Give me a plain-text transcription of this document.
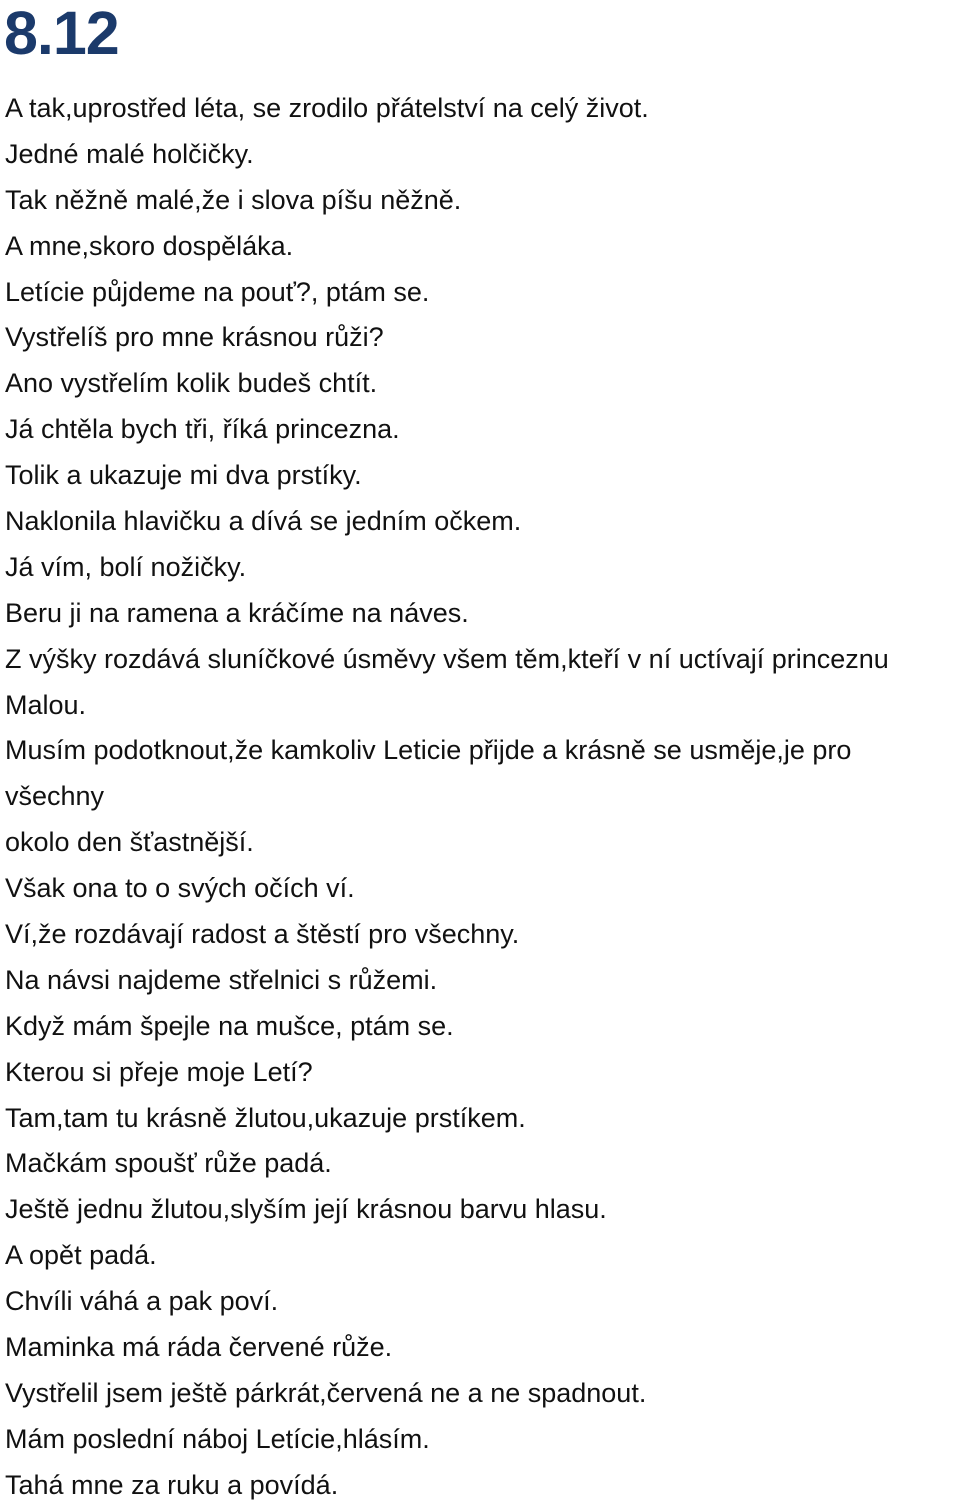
8.12
A tak,uprostřed léta, se zrodilo přátelství na celý život.
Jedné malé holčičky.
Tak něžně malé,že i slova píšu něžně.
A mne,skoro dospěláka.
Letície půjdeme na pouť?, ptám se.
Vystřelíš pro mne krásnou růži?
Ano vystřelím kolik budeš chtít.
Já chtěla bych tři, říká princezna.
Tolik a ukazuje mi dva prstíky.
Naklonila hlavičku a dívá se jedním očkem.
Já vím, bolí nožičky.
Beru ji na ramena a kráčíme na náves.
Z výšky rozdává sluníčkové úsměvy všem těm,kteří v ní uctívají princeznu
Malou.
Musím podotknout,že kamkoliv Leticie přijde a krásně se usměje,je pro
všechny
okolo den šťastnější.
Však ona to o svých očích ví.
Ví,že rozdávají radost a štěstí pro všechny.
Na návsi najdeme střelnici s růžemi.
Když mám špejle na mušce, ptám se.
Kterou si přeje moje Letí?
Tam,tam tu krásně žlutou,ukazuje prstíkem.
Mačkám spoušť růže padá.
Ještě jednu žlutou,slyším její krásnou barvu hlasu.
A opět padá.
Chvíli váhá a pak poví.
Maminka má ráda červené růže.
Vystřelil jsem ještě párkrát,červená ne a ne spadnout.
Mám poslední náboj Letície,hlásím.
Tahá mne za ruku a povídá.
